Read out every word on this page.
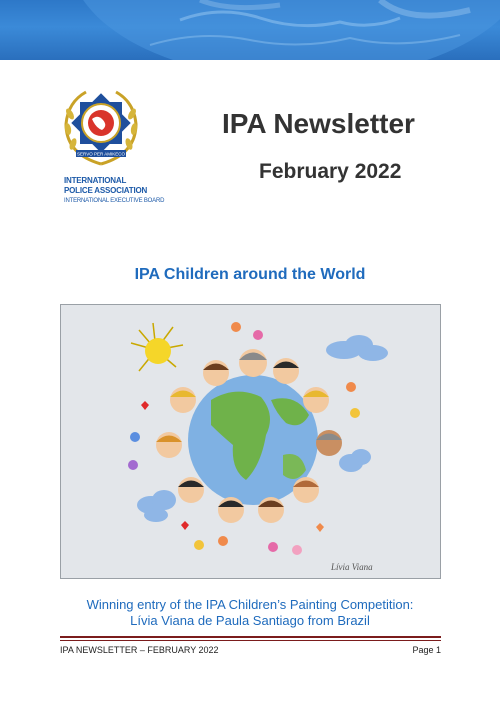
SERVO PER AMIKECO
INTERNATIONAL
POLICE ASSOCIATION
INTERNATIONAL EXECUTIVE BOARD
IPA Newsletter
February 2022
IPA Children around the World
Lívia Viana
Winning entry of the IPA Children’s Painting Competition:
Lívia Viana de Paula Santiago from Brazil
IPA NEWSLETTER – FEBRUARY 2022	Page 1
